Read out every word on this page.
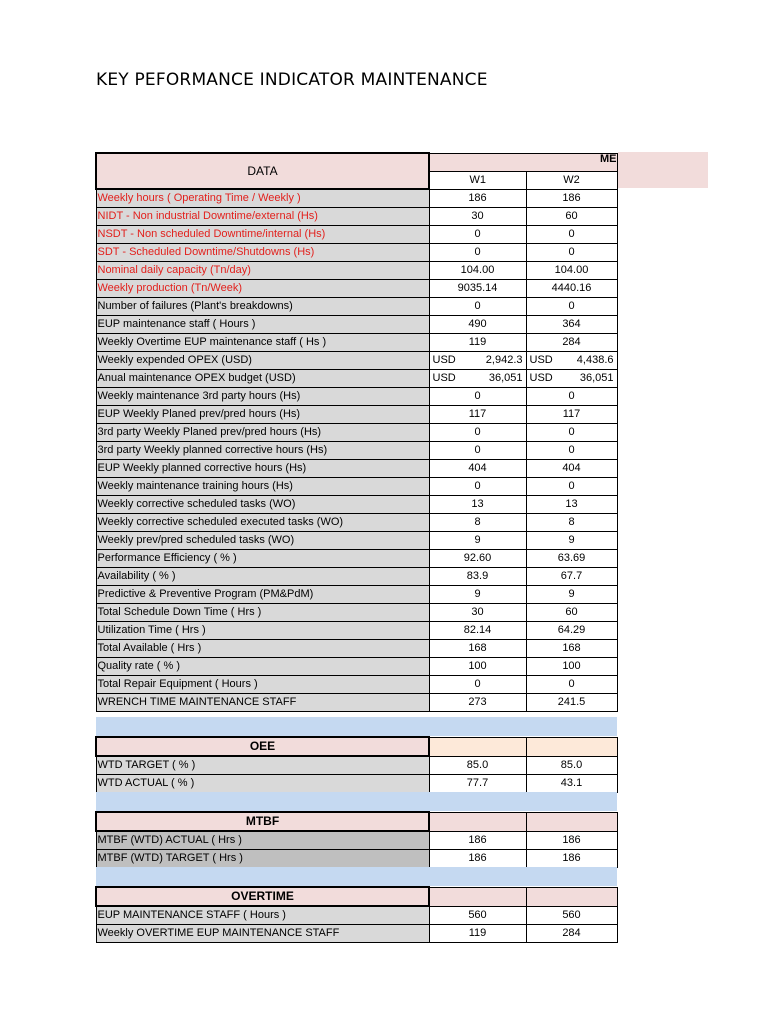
KEY PEFORMANCE INDICATOR MAINTENANCE
DATA		
	W1	W2
Weekly hours ( Operating Time / Weekly )	186	186
NIDT - Non industrial Downtime/external (Hs)	30	60
NSDT - Non scheduled Downtime/internal (Hs)	0	0
SDT - Scheduled Downtime/Shutdowns (Hs)	0	0
Nominal daily capacity (Tn/day)	104.00	104.00
Weekly production (Tn/Week)	9035.14	4440.16
Number of failures (Plant's breakdowns)	0	0
EUP maintenance staff ( Hours )	490	364
Weekly Overtime EUP maintenance staff ( Hs )	119	284
Weekly expended OPEX (USD)	USD 2,942.3	USD 4,438.6

Anual maintenance OPEX budget (USD)	USD 36,051	USD 36,051

Weekly maintenance 3rd party hours (Hs)	0	0
EUP Weekly Planed prev/pred hours (Hs)	117	117
3rd party Weekly Planed prev/pred hours (Hs)	0	0
3rd party Weekly planned corrective hours (Hs)	0	0
EUP Weekly planned corrective hours (Hs)	404	404
Weekly maintenance training hours (Hs)	0	0
Weekly corrective scheduled tasks (WO)	13	13
Weekly corrective scheduled executed tasks (WO)	8	8
Weekly prev/pred scheduled tasks (WO)	9	9
Performance Efficiency ( % )	92.60	63.69
Availability ( % )	83.9	67.7
Predictive & Preventive Program (PM&PdM)	9	9
Total Schedule Down Time ( Hrs )	30	60
Utilization Time ( Hrs )	82.14	64.29
Total Available ( Hrs )	168	168
Quality rate ( % )	100	100
Total Repair Equipment ( Hours )	0	0
WRENCH TIME MAINTENANCE STAFF	273	241.5
ME

OEE		
WTD TARGET ( % )	85.0	85.0
WTD ACTUAL ( % )	77.7	43.1

MTBF		
MTBF (WTD) ACTUAL ( Hrs )	186	186
MTBF (WTD) TARGET ( Hrs )	186	186

OVERTIME		
EUP MAINTENANCE STAFF ( Hours )	560	560
Weekly OVERTIME EUP MAINTENANCE STAFF	119	284
